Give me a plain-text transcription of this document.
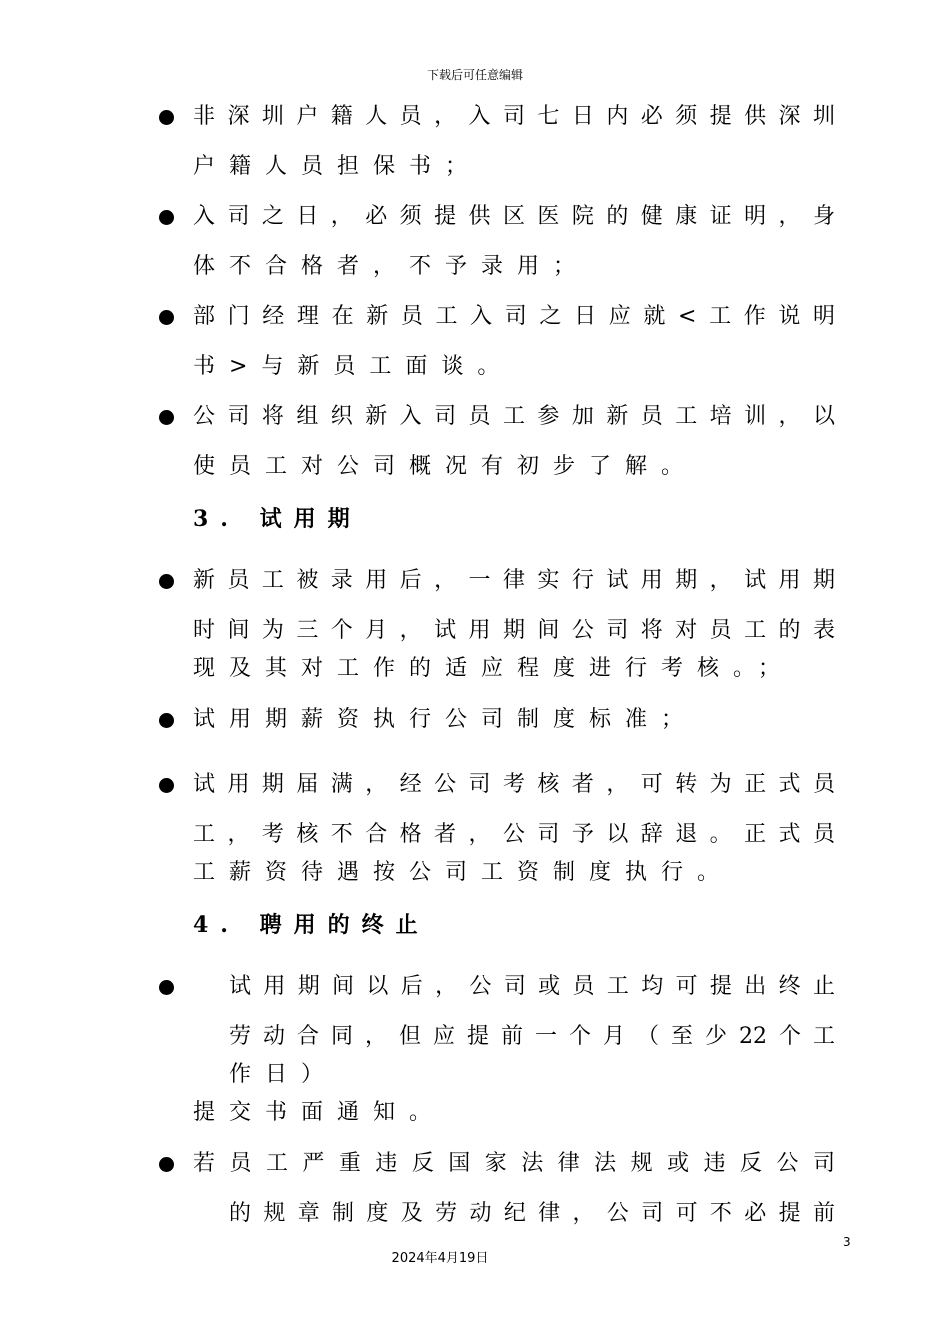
下载后可任意编辑
非深圳户籍人员，入司七日内必须提供深圳
户籍人员担保书；
入司之日，必须提供区医院的健康证明，身
体不合格者，不予录用；
部门经理在新员工入司之日应就<工作说明
书>与新员工面谈。
公司将组织新入司员工参加新员工培训，以
使员工对公司概况有初步了解。
3. 试用期
新员工被录用后，一律实行试用期，试用期
时间为三个月，试用期间公司将对员工的表
现及其对工作的适应程度进行考核。；
试用期薪资执行公司制度标准；
试用期届满，经公司考核者，可转为正式员
工，考核不合格者，公司予以辞退。正式员
工薪资待遇按公司工资制度执行。
4. 聘用的终止
试用期间以后，公司或员工均可提出终止
劳动合同，但应提前一个月（至少22个工
作日）
提交书面通知。
若员工严重违反国家法律法规或违反公司
的规章制度及劳动纪律，公司可不必提前
3
2024年4月19日
